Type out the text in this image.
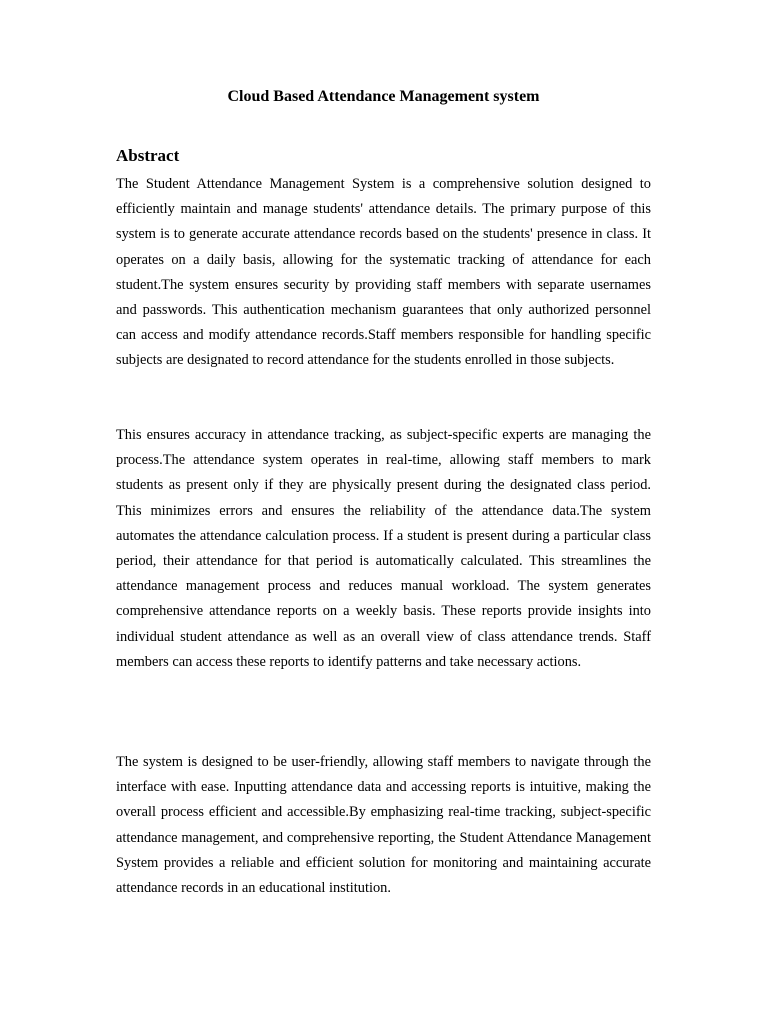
Cloud Based Attendance Management system
Abstract

The Student Attendance Management System is a comprehensive solution designed to efficiently maintain and manage students' attendance details. The primary purpose of this system is to generate accurate attendance records based on the students' presence in class. It operates on a daily basis, allowing for the systematic tracking of attendance for each student.The system ensures security by providing staff members with separate usernames and passwords. This authentication mechanism guarantees that only authorized personnel can access and modify attendance records.Staff members responsible for handling specific subjects are designated to record attendance for the students enrolled in those subjects.

This ensures accuracy in attendance tracking, as subject-specific experts are managing the process.The attendance system operates in real-time, allowing staff members to mark students as present only if they are physically present during the designated class period. This minimizes errors and ensures the reliability of the attendance data.The system automates the attendance calculation process. If a student is present during a particular class period, their attendance for that period is automatically calculated. This streamlines the attendance management process and reduces manual workload. The system generates comprehensive attendance reports on a weekly basis. These reports provide insights into individual student attendance as well as an overall view of class attendance trends. Staff members can access these reports to identify patterns and take necessary actions.

The system is designed to be user-friendly, allowing staff members to navigate through the interface with ease. Inputting attendance data and accessing reports is intuitive, making the overall process efficient and accessible.By emphasizing real-time tracking, subject-specific attendance management, and comprehensive reporting, the Student Attendance Management System provides a reliable and efficient solution for monitoring and maintaining accurate attendance records in an educational institution.
